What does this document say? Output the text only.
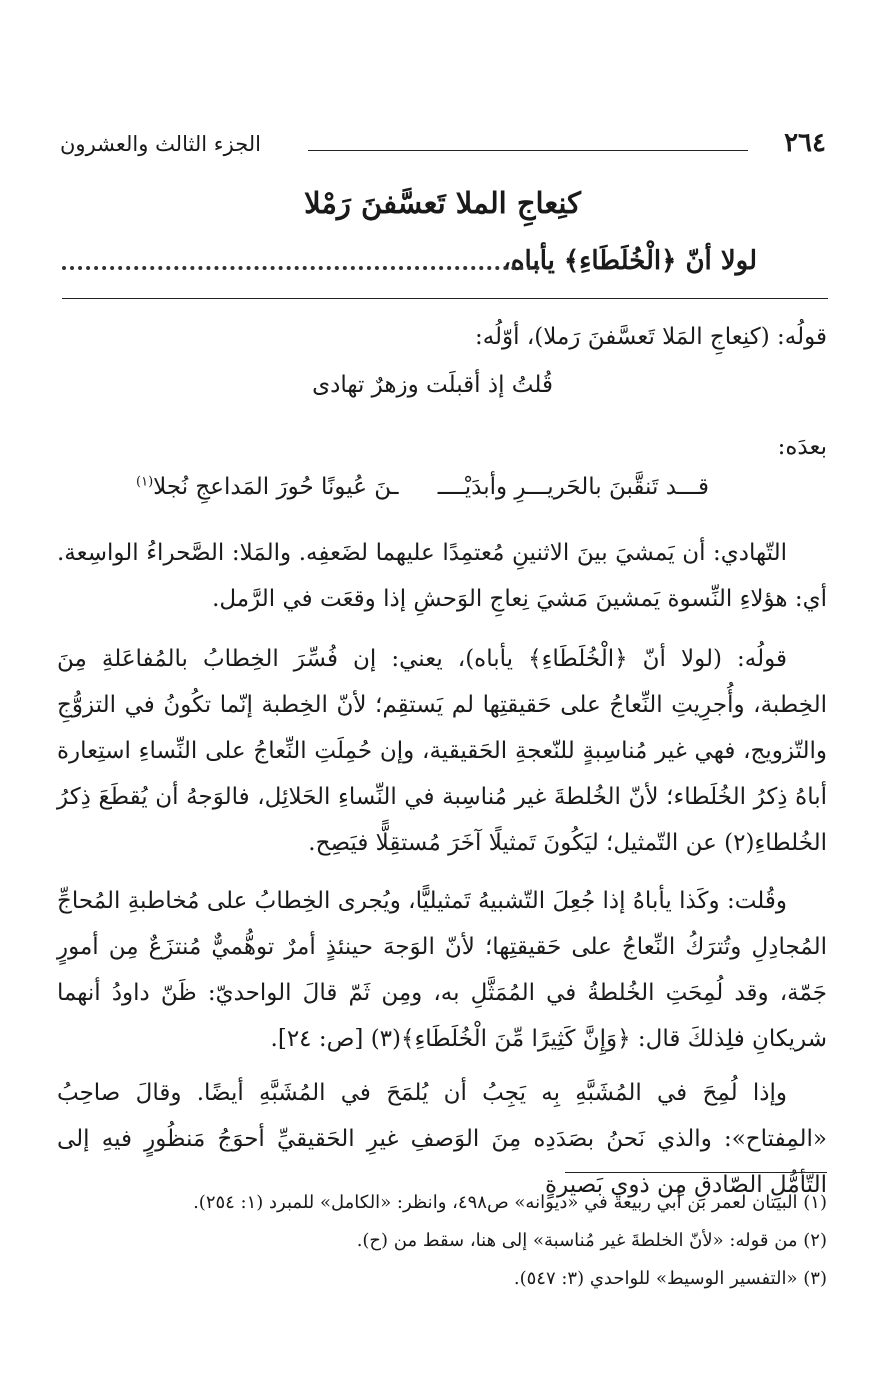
٢٦٤
الجزء الثالث والعشرون
كنِعاجِ الملا تَعسَّفنَ رَمْلا
لولا أنّ ﴿الْخُلَطَاءِ﴾ يأباه،
قولُه: (كنِعاجِ المَلا تَعسَّفنَ رَملا)، أوّلُه:
قُلتُ إذ أقبلَت وزهرٌ تهادى
بعدَه:
قـــد تَنقَّبنَ بالحَريـــرِ وأبدَيْــــ
ـنَ عُيونًا حُورَ المَداعجِ نُجلا$^{(١)}$
التّهادي: أن يَمشيَ بينَ الاثنينِ مُعتمِدًا عليهما لضَعفِه. والمَلا: الصَّحراءُ الواسِعة. أي: هؤلاءِ النِّسوة يَمشينَ مَشيَ نِعاجِ الوَحشِ إذا وقعَت في الرَّمل.
قولُه: (لولا أنّ ﴿الْخُلَطَاءِ﴾ يأباه)، يعني: إن فُسِّرَ الخِطابُ بالمُفاعَلةِ مِنَ الخِطبة، وأُجرِيتِ النِّعاجُ على حَقيقتِها لم يَستقِم؛ لأنّ الخِطبة إنّما تكُونُ في التزوُّجِ والتّزويج، فهي غير مُناسِبةٍ للنّعجةِ الحَقيقية، وإن حُمِلَتِ النِّعاجُ على النِّساءِ استِعارة أباهُ ذِكرُ الخُلَطاء؛ لأنّ الخُلطةَ غير مُناسِبة في النِّساءِ الحَلائِل، فالوَجهُ أن يُقطَعَ ذِكرُ الخُلطاءِ(٢) عن التّمثيل؛ ليَكُونَ تَمثيلًا آخَرَ مُستقِلًّا فيَصِح.
وقُلت: وكَذا يأباهُ إذا جُعِلَ التّشبيهُ تَمثيليًّا، ويُجرى الخِطابُ على مُخاطبةِ المُحاجِّ المُجادِلِ وتُترَكُ النِّعاجُ على حَقيقتِها؛ لأنّ الوَجهَ حينئذٍ أمرٌ توهُّميٌّ مُنتزَعٌ مِن أمورٍ جَمّة، وقد لُمِحَتِ الخُلطةُ في المُمَثَّلِ به، ومِن ثَمّ قالَ الواحديّ: ظَنّ داودُ أنهما شريكانِ فلِذلكَ قال: ﴿وَإِنَّ كَثِيرًا مِّنَ الْخُلَطَاءِ﴾(٣) [ص: ٢٤].
وإذا لُمِحَ في المُشَبَّهِ بِه يَجِبُ أن يُلمَحَ في المُشَبَّهِ أيضًا. وقالَ صاحِبُ «المِفتاح»: والذي نَحنُ بصَدَدِه مِنَ الوَصفِ غيرِ الحَقيقيِّ أحوَجُ مَنظُورٍ فيهِ إلى التّأمُّلِ الصّادقِ مِن ذوي بَصيرةٍ
(١) البيتان لعمر بن أبي ربيعة في «ديوانه» ص٤٩٨، وانظر: «الكامل» للمبرد (١: ٢٥٤).
(٢) من قوله: «لأنّ الخلطةَ غير مُناسبة» إلى هنا، سقط من (ح).
(٣) «التفسير الوسيط» للواحدي (٣: ٥٤٧).
